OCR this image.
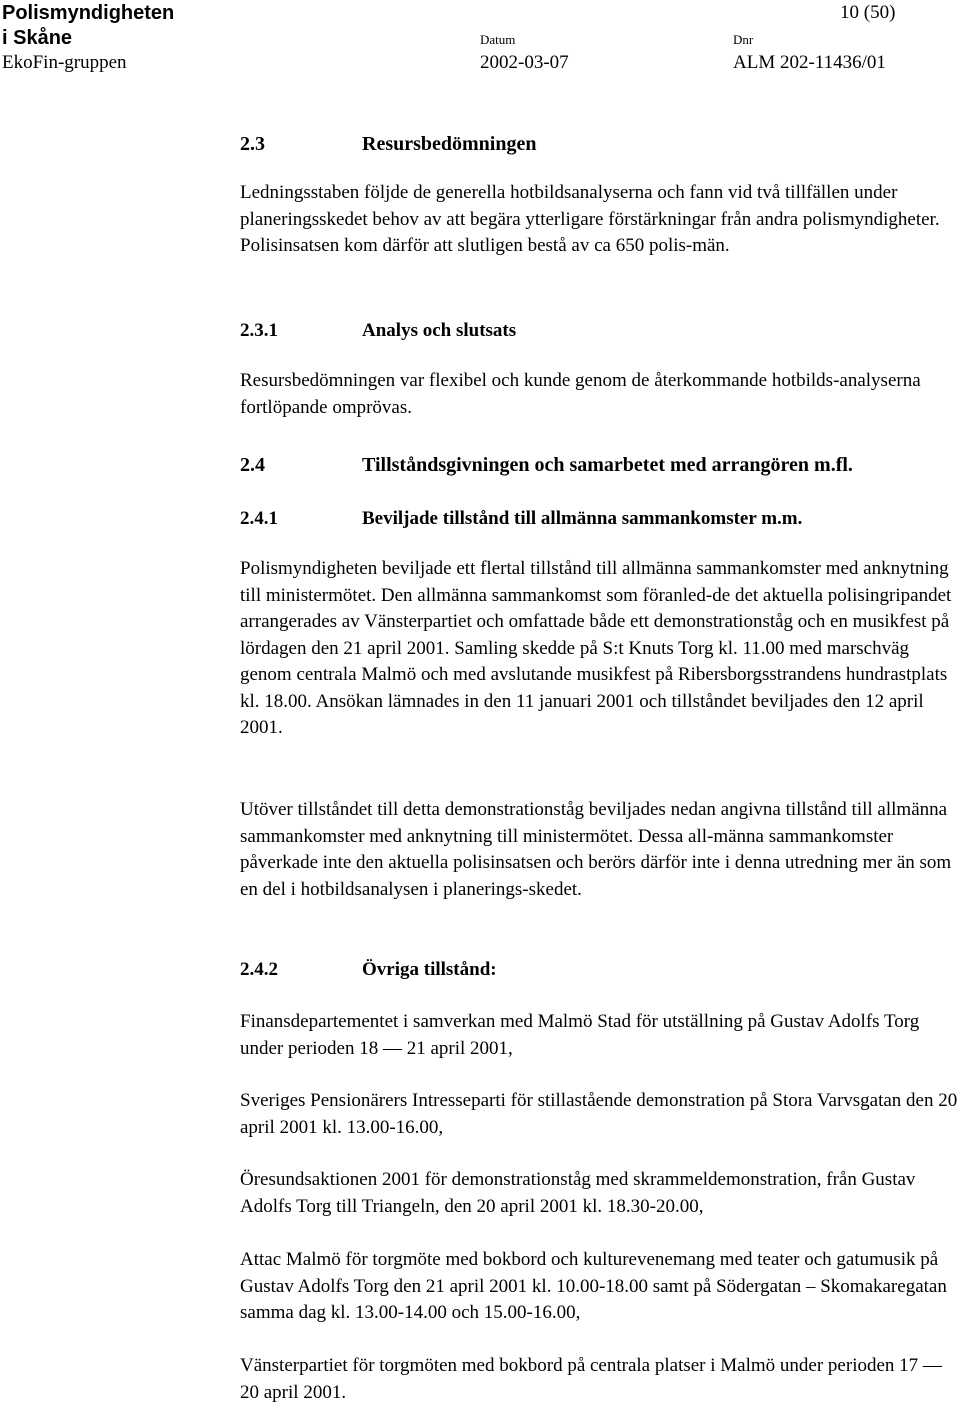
Polismyndigheten
i Skåne
EkoFin-gruppen
10 (50)
Datum
2002-03-07
Dnr
ALM 202-11436/01
2.3	Resursbedömningen

Ledningsstaben följde de generella hotbildsanalyserna och fann vid två tillfällen under planeringsskedet behov av att begära ytterligare förstärkningar från andra polismyndigheter. Polisinsatsen kom därför att slutligen bestå av ca 650 polis-män.

2.3.1	Analys och slutsats

Resursbedömningen var flexibel och kunde genom de återkommande hotbilds-analyserna fortlöpande omprövas.

2.4	Tillståndsgivningen och samarbetet med arrangören m.fl.
2.4.1	Beviljade tillstånd till allmänna sammankomster m.m.

Polismyndigheten beviljade ett flertal tillstånd till allmänna sammankomster med anknytning till ministermötet. Den allmänna sammankomst som föranled-de det aktuella polisingripandet arrangerades av Vänsterpartiet och omfattade både ett demonstrationståg och en musikfest på lördagen den 21 april 2001. Samling skedde på S:t Knuts Torg kl. 11.00 med marschväg genom centrala Malmö och med avslutande musikfest på Ribersborgsstrandens hundrastplats kl. 18.00. Ansökan lämnades in den 11 januari 2001 och tillståndet beviljades den 12 april 2001.

Utöver tillståndet till detta demonstrationståg beviljades nedan angivna tillstånd till allmänna sammankomster med anknytning till ministermötet. Dessa all-männa sammankomster påverkade inte den aktuella polisinsatsen och berörs därför inte i denna utredning mer än som en del i hotbildsanalysen i planerings-skedet.

2.4.2	Övriga tillstånd:

Finansdepartementet i samverkan med Malmö Stad för utställning på Gustav Adolfs Torg under perioden 18 — 21 april 2001,

Sveriges Pensionärers Intresseparti för stillastående demonstration på Stora Varvsgatan den 20 april 2001 kl. 13.00-16.00,

Öresundsaktionen 2001 för demonstrationståg med skrammeldemonstration, från Gustav Adolfs Torg till Triangeln, den 20 april 2001 kl. 18.30-20.00,

Attac Malmö för torgmöte med bokbord och kulturevenemang med teater och gatumusik på Gustav Adolfs Torg den 21 april 2001 kl. 10.00-18.00 samt på Södergatan – Skomakaregatan samma dag kl. 13.00-14.00 och 15.00-16.00,

Vänsterpartiet för torgmöten med bokbord på centrala platser i Malmö under perioden 17 — 20 april 2001.
